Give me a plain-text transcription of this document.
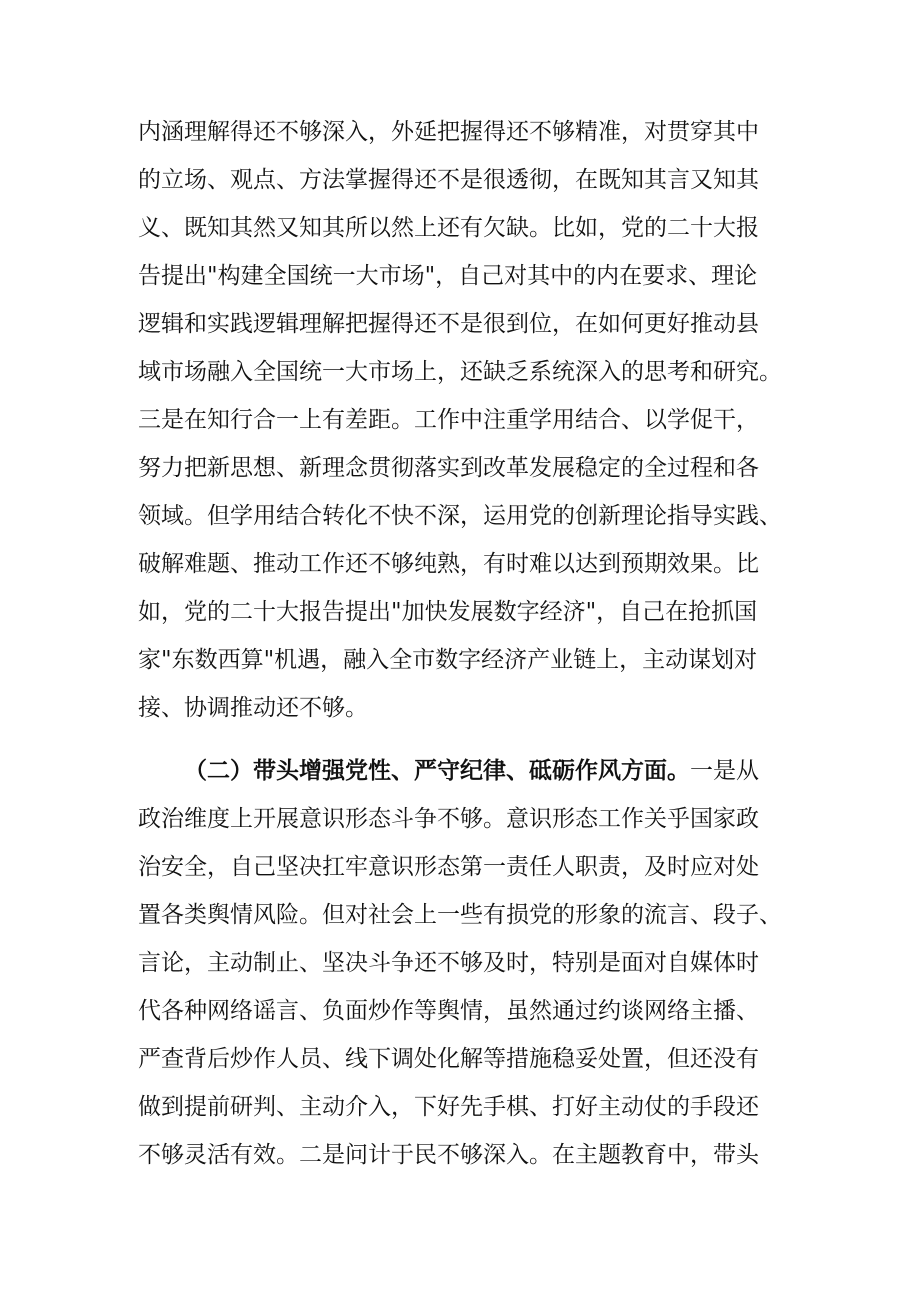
内涵理解得还不够深入，外延把握得还不够精准，对贯穿其中
的立场、观点、方法掌握得还不是很透彻，在既知其言又知其
义、既知其然又知其所以然上还有欠缺。比如，党的二十大报
告提出"构建全国统一大市场"，自己对其中的内在要求、理论
逻辑和实践逻辑理解把握得还不是很到位，在如何更好推动县
域市场融入全国统一大市场上，还缺乏系统深入的思考和研究。
三是在知行合一上有差距。工作中注重学用结合、以学促干，
努力把新思想、新理念贯彻落实到改革发展稳定的全过程和各
领域。但学用结合转化不快不深，运用党的创新理论指导实践、
破解难题、推动工作还不够纯熟，有时难以达到预期效果。比
如，党的二十大报告提出"加快发展数字经济"，自己在抢抓国
家"东数西算"机遇，融入全市数字经济产业链上，主动谋划对
接、协调推动还不够。
（二）带头增强党性、严守纪律、砥砺作风方面。一是从
政治维度上开展意识形态斗争不够。意识形态工作关乎国家政
治安全，自己坚决扛牢意识形态第一责任人职责，及时应对处
置各类舆情风险。但对社会上一些有损党的形象的流言、段子、
言论，主动制止、坚决斗争还不够及时，特别是面对自媒体时
代各种网络谣言、负面炒作等舆情，虽然通过约谈网络主播、
严查背后炒作人员、线下调处化解等措施稳妥处置，但还没有
做到提前研判、主动介入，下好先手棋、打好主动仗的手段还
不够灵活有效。二是问计于民不够深入。在主题教育中，带头
